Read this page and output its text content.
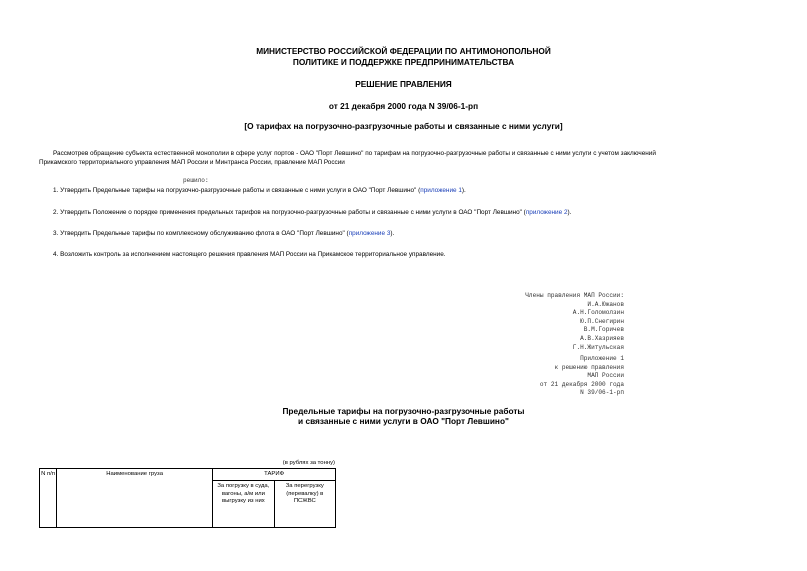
МИНИСТЕРСТВО РОССИЙСКОЙ ФЕДЕРАЦИИ ПО АНТИМОНОПОЛЬНОЙ
ПОЛИТИКЕ И ПОДДЕРЖКЕ ПРЕДПРИНИМАТЕЛЬСТВА
РЕШЕНИЕ ПРАВЛЕНИЯ
от 21 декабря 2000 года N 39/06-1-рп
[О тарифах на погрузочно-разгрузочные работы и связанные с ними услуги]
Рассмотрев обращение субъекта естественной монополии в сфере услуг портов - ОАО "Порт Левшино" по тарифам на погрузочно-разгрузочные работы и связанные с ними услуги с учетом заключений
Прикамского территориального управления МАП России и Минтранса России, правление МАП России
решило:
1. Утвердить Предельные тарифы на погрузочно-разгрузочные работы и связанные с ними услуги в ОАО "Порт Левшино" (приложение 1).
2. Утвердить Положение о порядке применения предельных тарифов на погрузочно-разгрузочные работы и связанные с ними услуги в ОАО "Порт Левшино" (приложение 2).
3. Утвердить Предельные тарифы по комплексному обслуживанию флота в ОАО "Порт Левшино" (приложение 3).
4. Возложить контроль за исполнением настоящего решения правления МАП России на Прикамское территориальное управление.
Члены правления МАП России:
И.А.Южанов
А.Н.Голомолзин
Ю.П.Снегирин
В.М.Горичев
А.В.Хазрияев
Г.Н.Житульская
Приложение 1
к решению правления
МАП России
от 21 декабря 2000 года
N 39/06-1-рп
Предельные тарифы на погрузочно-разгрузочные работы
и связанные с ними услуги в ОАО "Порт Левшино"
(в рублях за тонну)
N п/п	Наименование груза	ТАРИФ	
		За погрузку в суда, вагоны, а/м или выгрузку из них	За перегрузку (перевалку) в ПСЖВС
